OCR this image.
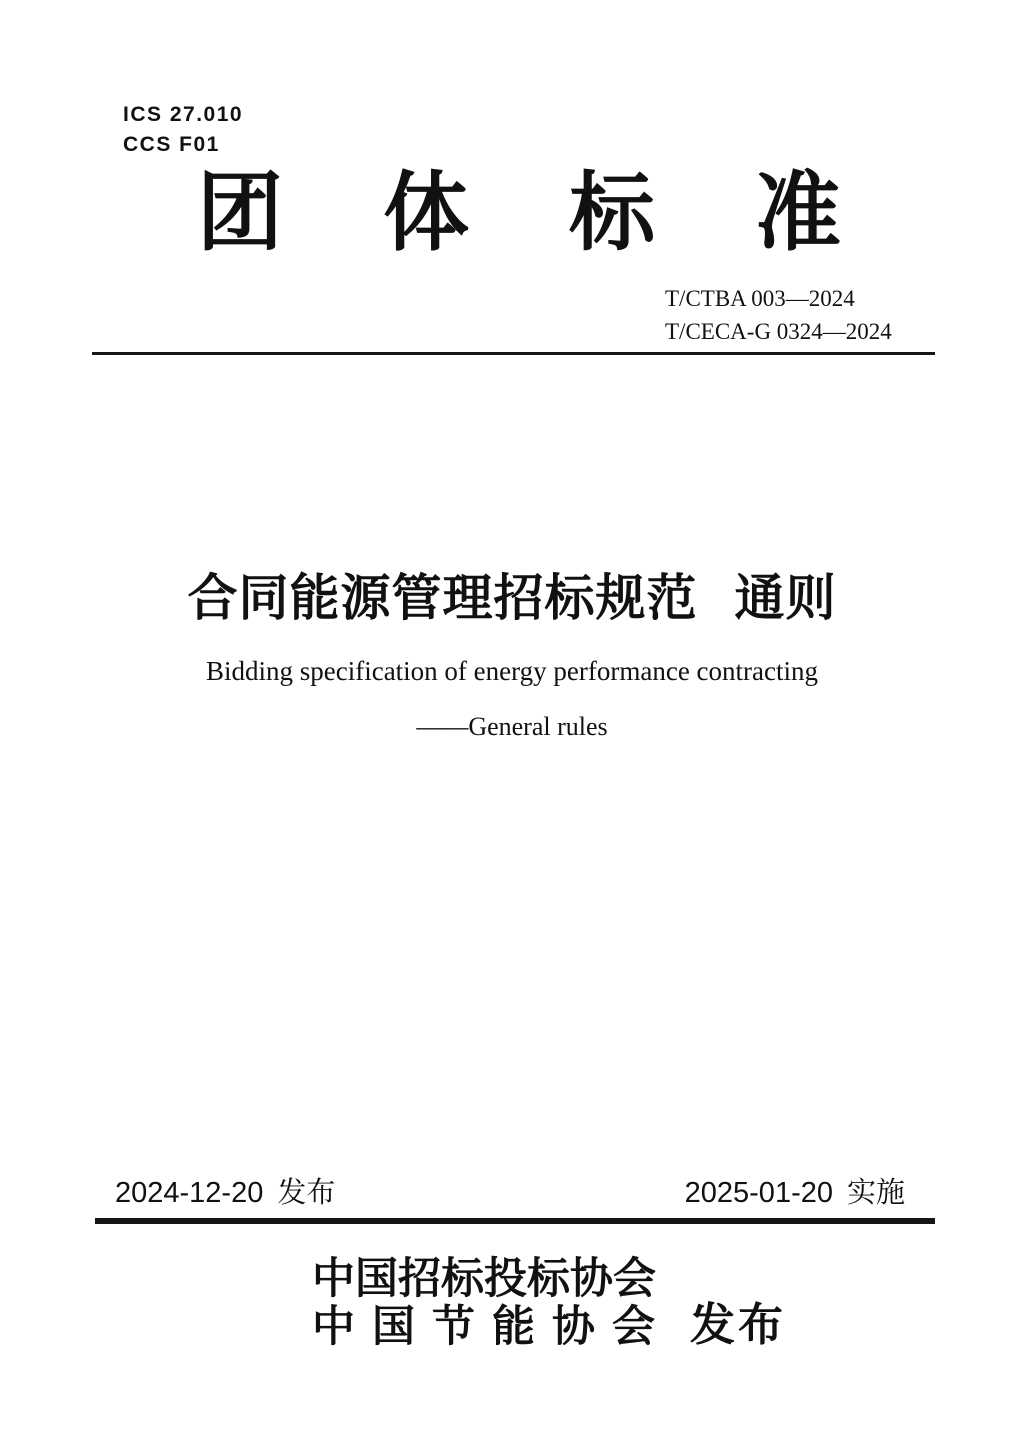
ICS 27.010
CCS F01
团体标准
T/CTBA 003—2024
T/CECA-G 0324—2024
合同能源管理招标规范 通则
Bidding specification of energy performance contracting
——General rules
2024-12-20 发布	2025-01-20 实施
中国招标投标协会
中国节能协会 发布
